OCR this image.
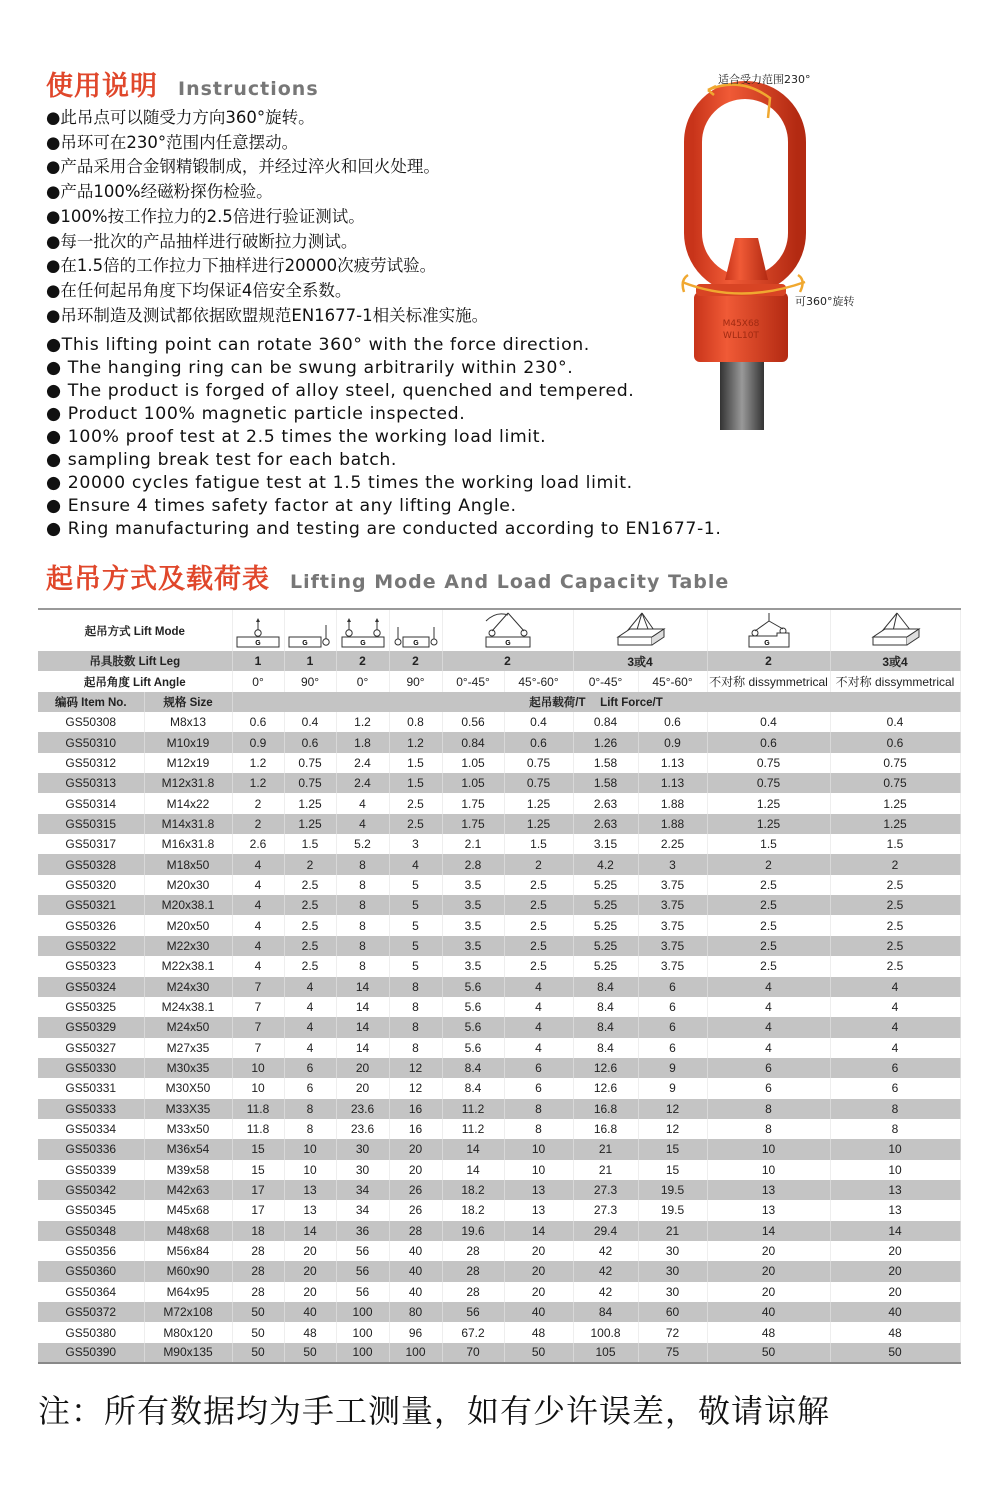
使用说明 Instructions
●此吊点可以随受力方向360°旋转。
●吊环可在230°范围内任意摆动。
●产品采用合金钢精锻制成，并经过淬火和回火处理。
●产品100%经磁粉探伤检验。
●100%按工作拉力的2.5倍进行验证测试。
●每一批次的产品抽样进行破断拉力测试。
●在1.5倍的工作拉力下抽样进行20000次疲劳试验。
●在任何起吊角度下均保证4倍安全系数。
●吊环制造及测试都依据欧盟规范EN1677-1相关标准实施。
●This lifting point can rotate 360° with the force direction.
● The hanging ring can be swung arbitrarily within 230°.
● The product is forged of alloy steel, quenched and tempered.
● Product 100% magnetic particle inspected.
● 100% proof test at 2.5 times the working load limit.
● sampling break test for each batch.
● 20000 cycles fatigue test at 1.5 times the working load limit.
● Ensure 4 times safety factor at any lifting Angle.
● Ring manufacturing and testing are conducted according to EN1677-1.
M45X68
WLL10T
适合受力范围230°
可360°旋转
起吊方式及载荷表 Lifting Mode And Load Capacity Table
起吊方式 Lift Mode		G	G	G	G	G				G

吊具肢数 Lift Leg		1	1	2	2	2		3或4		2	3或4
起吊角度 Lift Angle		0°	90°	0°	90°	0°-45°	45°-60°	0°-45°	45°-60°	不对称 dissymmetrical	不对称 dissymmetrical
编码 Item No.	规格 Size	起吊载荷/T　 Lift Force/T									
GS50308	M8x13	0.6	0.4	1.2	0.8	0.56	0.4	0.84	0.6	0.4	0.4
GS50310	M10x19	0.9	0.6	1.8	1.2	0.84	0.6	1.26	0.9	0.6	0.6
GS50312	M12x19	1.2	0.75	2.4	1.5	1.05	0.75	1.58	1.13	0.75	0.75
GS50313	M12x31.8	1.2	0.75	2.4	1.5	1.05	0.75	1.58	1.13	0.75	0.75
GS50314	M14x22	2	1.25	4	2.5	1.75	1.25	2.63	1.88	1.25	1.25
GS50315	M14x31.8	2	1.25	4	2.5	1.75	1.25	2.63	1.88	1.25	1.25
GS50317	M16x31.8	2.6	1.5	5.2	3	2.1	1.5	3.15	2.25	1.5	1.5
GS50328	M18x50	4	2	8	4	2.8	2	4.2	3	2	2
GS50320	M20x30	4	2.5	8	5	3.5	2.5	5.25	3.75	2.5	2.5
GS50321	M20x38.1	4	2.5	8	5	3.5	2.5	5.25	3.75	2.5	2.5
GS50326	M20x50	4	2.5	8	5	3.5	2.5	5.25	3.75	2.5	2.5
GS50322	M22x30	4	2.5	8	5	3.5	2.5	5.25	3.75	2.5	2.5
GS50323	M22x38.1	4	2.5	8	5	3.5	2.5	5.25	3.75	2.5	2.5
GS50324	M24x30	7	4	14	8	5.6	4	8.4	6	4	4
GS50325	M24x38.1	7	4	14	8	5.6	4	8.4	6	4	4
GS50329	M24x50	7	4	14	8	5.6	4	8.4	6	4	4
GS50327	M27x35	7	4	14	8	5.6	4	8.4	6	4	4
GS50330	M30x35	10	6	20	12	8.4	6	12.6	9	6	6
GS50331	M30X50	10	6	20	12	8.4	6	12.6	9	6	6
GS50333	M33X35	11.8	8	23.6	16	11.2	8	16.8	12	8	8
GS50334	M33x50	11.8	8	23.6	16	11.2	8	16.8	12	8	8
GS50336	M36x54	15	10	30	20	14	10	21	15	10	10
GS50339	M39x58	15	10	30	20	14	10	21	15	10	10
GS50342	M42x63	17	13	34	26	18.2	13	27.3	19.5	13	13
GS50345	M45x68	17	13	34	26	18.2	13	27.3	19.5	13	13
GS50348	M48x68	18	14	36	28	19.6	14	29.4	21	14	14
GS50356	M56x84	28	20	56	40	28	20	42	30	20	20
GS50360	M60x90	28	20	56	40	28	20	42	30	20	20
GS50364	M64x95	28	20	56	40	28	20	42	30	20	20
GS50372	M72x108	50	40	100	80	56	40	84	60	40	40
GS50380	M80x120	50	48	100	96	67.2	48	100.8	72	48	48
GS50390	M90x135	50	50	100	100	70	50	105	75	50	50
注：所有数据均为手工测量，如有少许误差，敬请谅解
